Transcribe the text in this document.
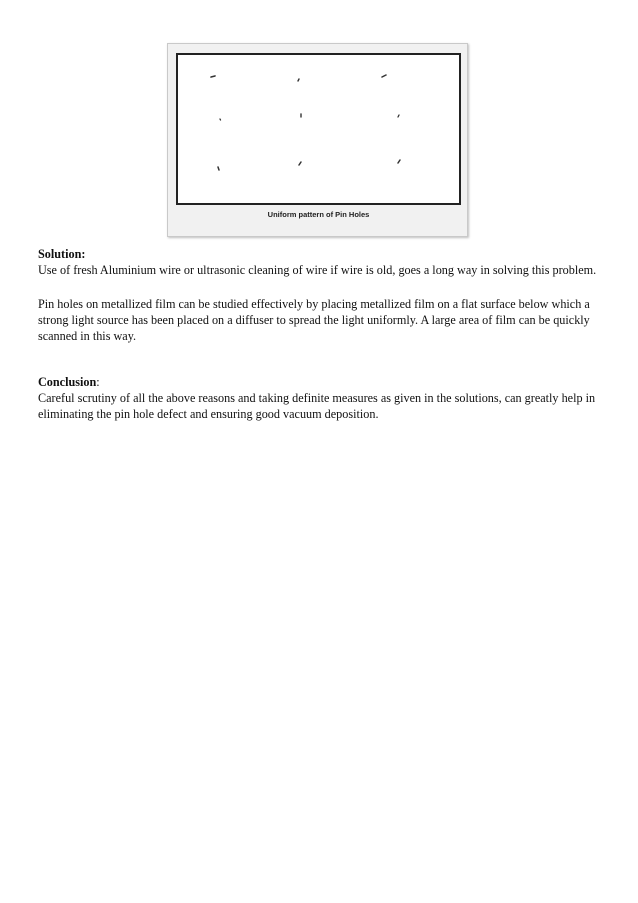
Uniform pattern of Pin Holes
Solution:
Use of fresh Aluminium wire or ultrasonic cleaning of wire if wire is old, goes a long way in solving this problem.

Pin holes on metallized film can be studied effectively by placing metallized film on a flat surface below which a strong light source has been placed on a diffuser to spread the light uniformly. A large area of film can be quickly scanned in this way.

Conclusion:
Careful scrutiny of all the above reasons and taking definite measures as given in the solutions, can greatly help in eliminating the pin hole defect and ensuring good vacuum deposition.
